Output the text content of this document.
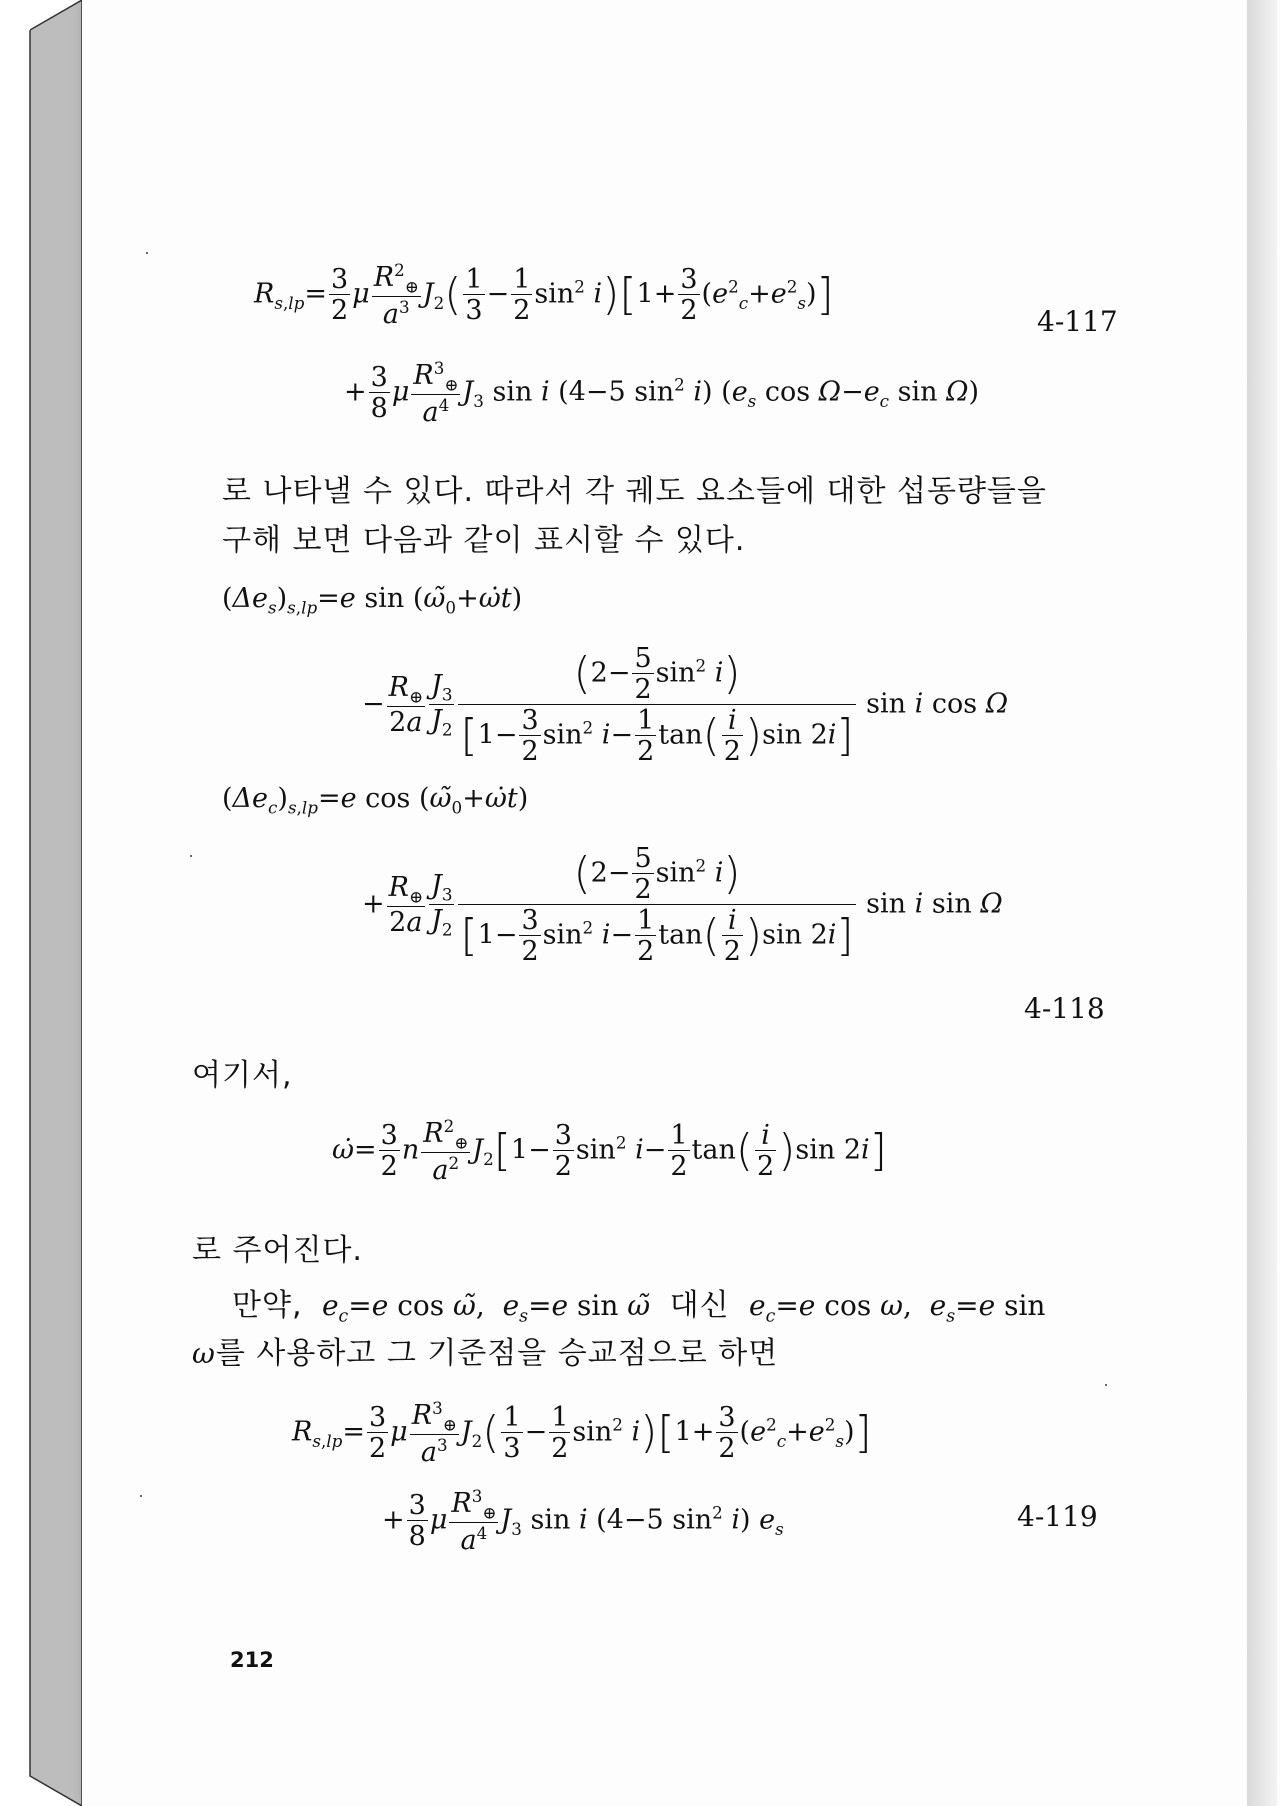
$R_{s,lp}= \frac{3}{2}$ μ $\frac{R^2_\oplus}{a^3} J_2( \frac{1}{3} - \frac{1}{2} \sin^2 i)[1+ \frac{3}{2} (e^2_c+e^2_s)]$
4-117
+ $\frac{3}{8}$ μ $\frac{R^3_\oplus}{a^4} J_3$ sin i (4−5 $\sin^2 i$) ($e_s$ $\cos \Omega-e_c$ sin Ω)
로 나타낼 수 있다. 따라서 각 궤도 요소들에 대한 섭동량들을
구해 보면 다음과 같이 표시할 수 있다.
$(\Delta e_s)_{s,lp}=e$ $\sin (\omegã_0+\omegȧt)$
− $\frac{R_\oplus}{2a} \frac{J_3}{J_2} \frac{(2- \frac{5}{2} \sin^2 i)}{[1- \frac{3}{2} \sin^2 i- \frac{1}{2} \tan( \frac{i}{2} )\sin 2i]}$ sin i cos Ω
$(\Delta e_c)_{s,lp}=e$ $\cos (\omegã_0+\omegȧt)$
+ $\frac{R_\oplus}{2a} \frac{J_3}{J_2} \frac{(2- \frac{5}{2} \sin^2 i)}{[1- \frac{3}{2} \sin^2 i- \frac{1}{2} \tan( \frac{i}{2} )\sin 2i]}$ sin i sin Ω
4-118
여기서,
ω̇= $\frac{3}{2}$ n $\frac{R^2_\oplus}{a^2} J_2[1- \frac{3}{2} \sin^2 i- \frac{1}{2} \tan( \frac{i}{2} )\sin$ 2i]
로 주어진다.
만약, $e_c=e$ cos ω̃,  $e_s=e$ sin ω̃ 대신 $e_c=e$ cos ω,  $e_s=e$ sin
ω를 사용하고 그 기준점을 승교점으로 하면
$R_{s,lp}= \frac{3}{2}$ μ $\frac{R^3_\oplus}{a^3} J_2( \frac{1}{3} - \frac{1}{2} \sin^2 i)[1+ \frac{3}{2} (e^2_c+e^2_s)]$
+ $\frac{3}{8}$ μ $\frac{R^3_\oplus}{a^4} J_3$ sin i (4−5 $\sin^2 i$) $e_s$	4-119
212
